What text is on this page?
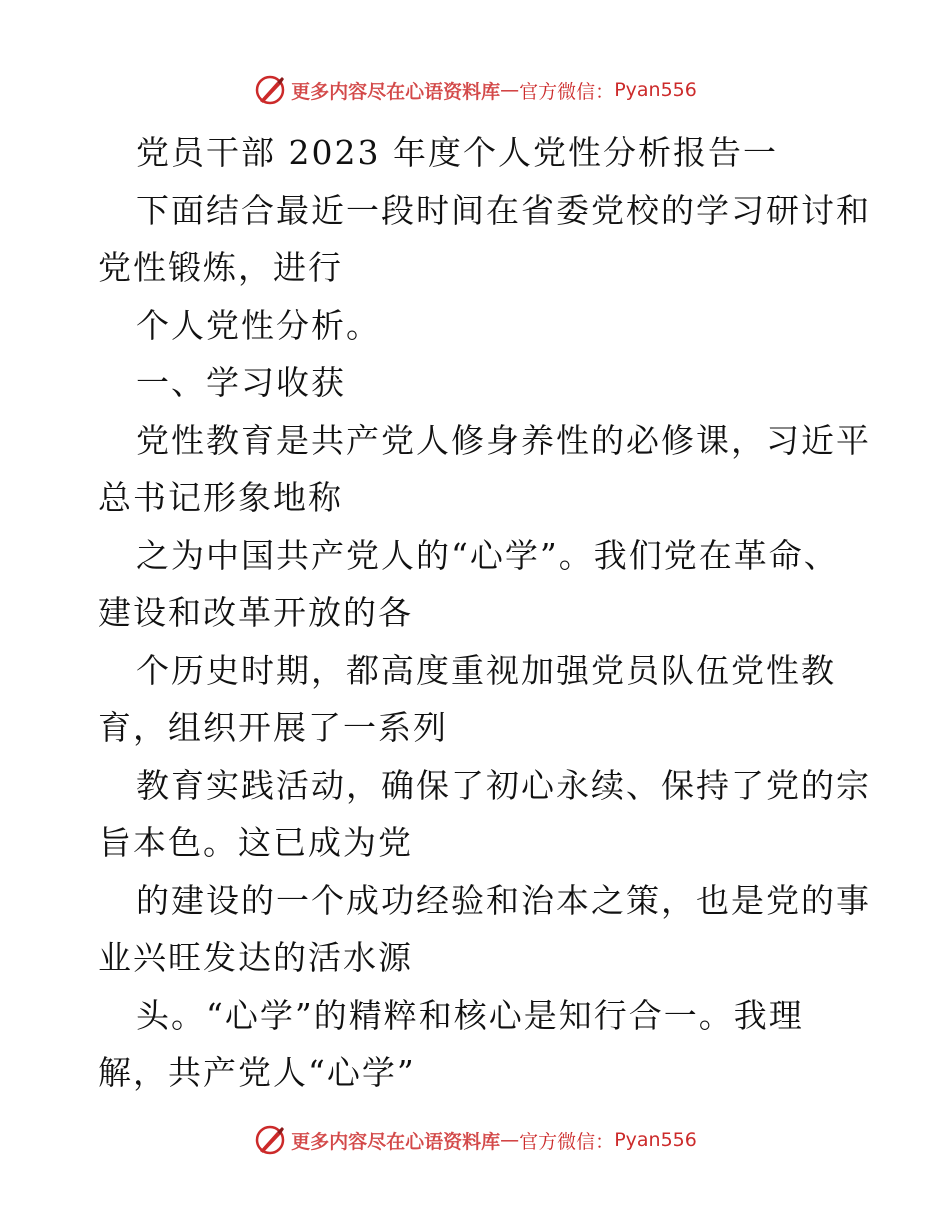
更多内容尽在心语资料库 — 官方微信： Pyan556
党员干部 2023 年度个人党性分析报告一
下面结合最近一段时间在省委党校的学习研讨和
党性锻炼，进行
个人党性分析。
一、学习收获
党性教育是共产党人修身养性的必修课，习近平
总书记形象地称
之为中国共产党人的“心学”。我们党在革命、
建设和改革开放的各
个历史时期，都高度重视加强党员队伍党性教
育，组织开展了一系列
教育实践活动，确保了初心永续、保持了党的宗
旨本色。这已成为党
的建设的一个成功经验和治本之策，也是党的事
业兴旺发达的活水源
头。“心学”的精粹和核心是知行合一。我理
解，共产党人“心学”
更多内容尽在心语资料库 — 官方微信： Pyan556
